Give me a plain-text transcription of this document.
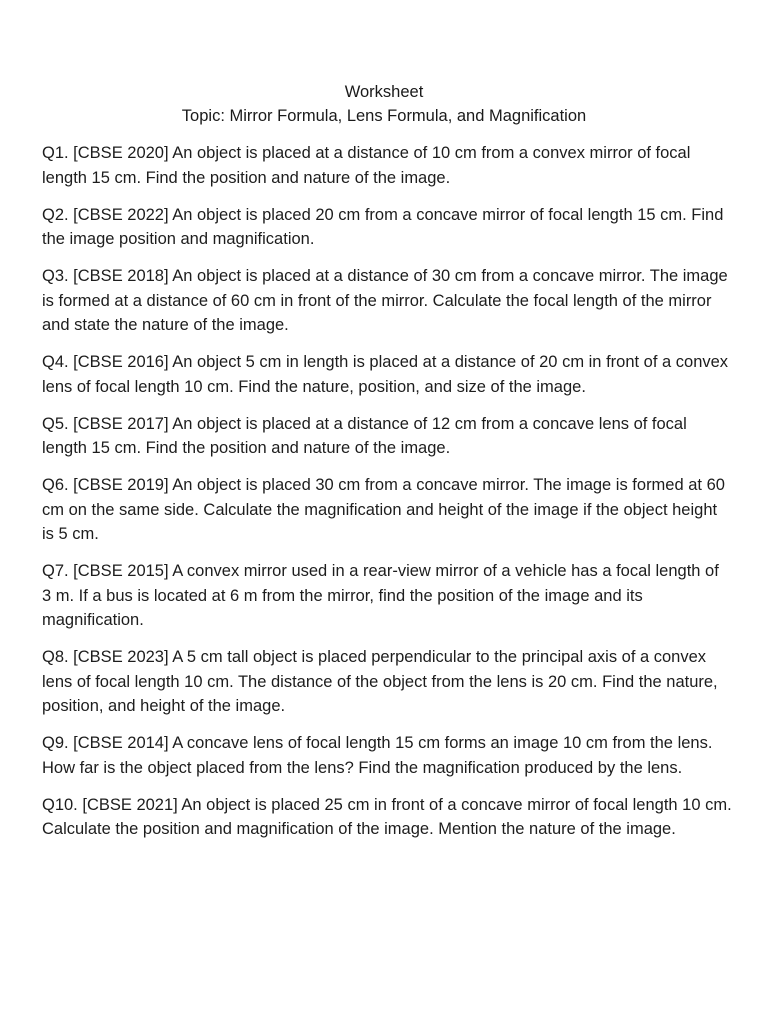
Worksheet
Topic: Mirror Formula, Lens Formula, and Magnification
Q1. [CBSE 2020] An object is placed at a distance of 10 cm from a convex mirror of focal length 15 cm. Find the position and nature of the image.
Q2. [CBSE 2022] An object is placed 20 cm from a concave mirror of focal length 15 cm. Find the image position and magnification.
Q3. [CBSE 2018] An object is placed at a distance of 30 cm from a concave mirror. The image is formed at a distance of 60 cm in front of the mirror. Calculate the focal length of the mirror and state the nature of the image.
Q4. [CBSE 2016] An object 5 cm in length is placed at a distance of 20 cm in front of a convex lens of focal length 10 cm. Find the nature, position, and size of the image.
Q5. [CBSE 2017] An object is placed at a distance of 12 cm from a concave lens of focal length 15 cm. Find the position and nature of the image.
Q6. [CBSE 2019] An object is placed 30 cm from a concave mirror. The image is formed at 60 cm on the same side. Calculate the magnification and height of the image if the object height is 5 cm.
Q7. [CBSE 2015] A convex mirror used in a rear-view mirror of a vehicle has a focal length of 3 m. If a bus is located at 6 m from the mirror, find the position of the image and its magnification.
Q8. [CBSE 2023] A 5 cm tall object is placed perpendicular to the principal axis of a convex lens of focal length 10 cm. The distance of the object from the lens is 20 cm. Find the nature, position, and height of the image.
Q9. [CBSE 2014] A concave lens of focal length 15 cm forms an image 10 cm from the lens. How far is the object placed from the lens? Find the magnification produced by the lens.
Q10. [CBSE 2021] An object is placed 25 cm in front of a concave mirror of focal length 10 cm. Calculate the position and magnification of the image. Mention the nature of the image.
